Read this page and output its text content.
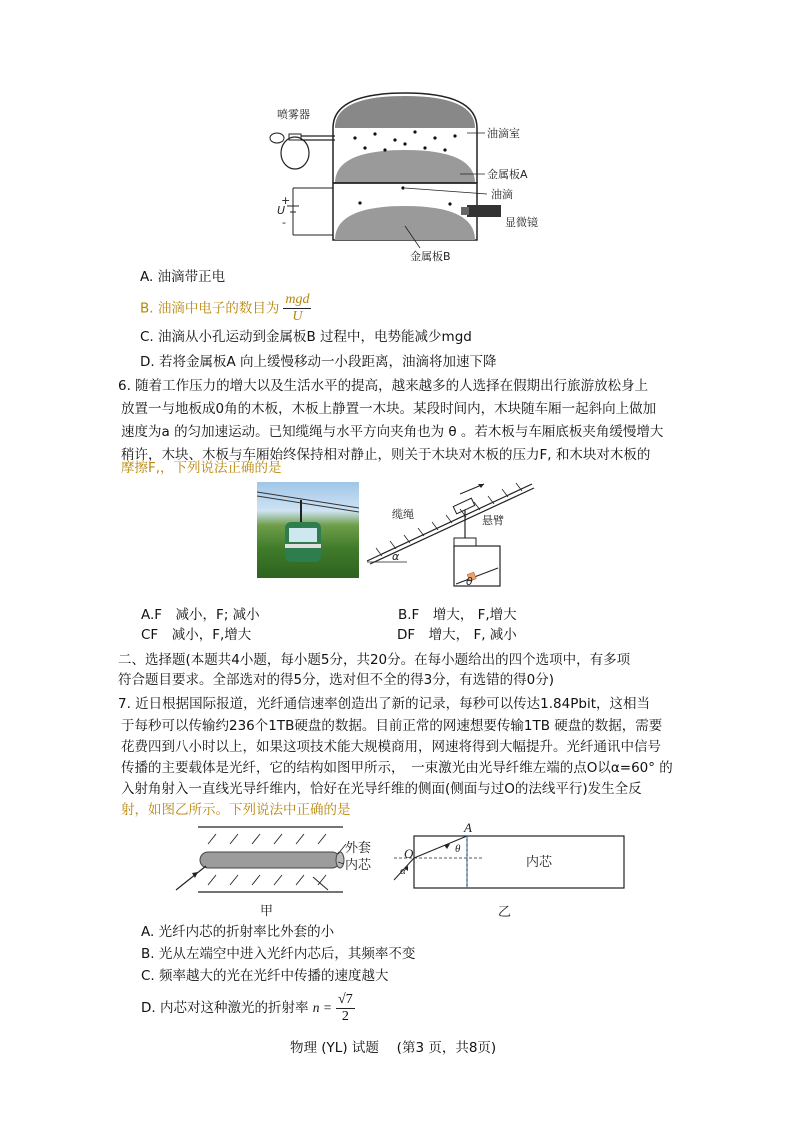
喷雾器
油滴室
金属板A
油滴
显微镜
金属板B
+
U
-
A. 油滴带正电
B. 油滴中电子的数目为 $\frac{\text{mgd}}{U}$
C. 油滴从小孔运动到金属板B 过程中，电势能减少mgd
D. 若将金属板A 向上缓慢移动一小段距离，油滴将加速下降
6. 随着工作压力的增大以及生活水平的提高，越来越多的人选择在假期出行旅游放松身上
放置一与地板成0角的木板，木板上静置一木块。某段时间内，木块随车厢一起斜向上做加
速度为a 的匀加速运动。已知缆绳与水平方向夹角也为 θ 。若木板与车厢底板夹角缓慢增大
稍许，木块、木板与车厢始终保持相对静止，则关于木块对木板的压力F, 和木块对木板的
摩擦F,，下列说法正确的是
缆绳	悬臂
α
θ
A.F　减小，F; 减小	B.F　增大， F,增大
CF　减小，F,增大	DF　增大， F, 减小
二、选择题(本题共4小题，每小题5分，共20分。在每小题给出的四个选项中，有多项
符合题目要求。全部选对的得5分，选对但不全的得3分，有选错的得0分)
7. 近日根据国际报道，光纤通信速率创造出了新的记录，每秒可以传达1.84Pbit，这相当
于每秒可以传输约236个1TB硬盘的数据。目前正常的网速想要传输1TB 硬盘的数据，需要
花费四到八小时以上，如果这项技术能大规模商用，网速将得到大幅提升。光纤通讯中信号
传播的主要载体是光纤，它的结构如图甲所示，　一束激光由光导纤维左端的点O以α=60° 的
入射角射入一直线光导纤维内，恰好在光导纤维的侧面(侧面与过O的法线平行)发生全反
射，如图乙所示。下列说法中正确的是
外套
内芯
甲
A
O
α
θ
内芯
乙
A. 光纤内芯的折射率比外套的小
B. 光从左端空中进入光纤内芯后，其频率不变
C. 频率越大的光在光纤中传播的速度越大
D. 内芯对这种激光的折射率 $n = \frac{√7}{2}$
物理 (YL) 试题　 (第3 页，共8页)
